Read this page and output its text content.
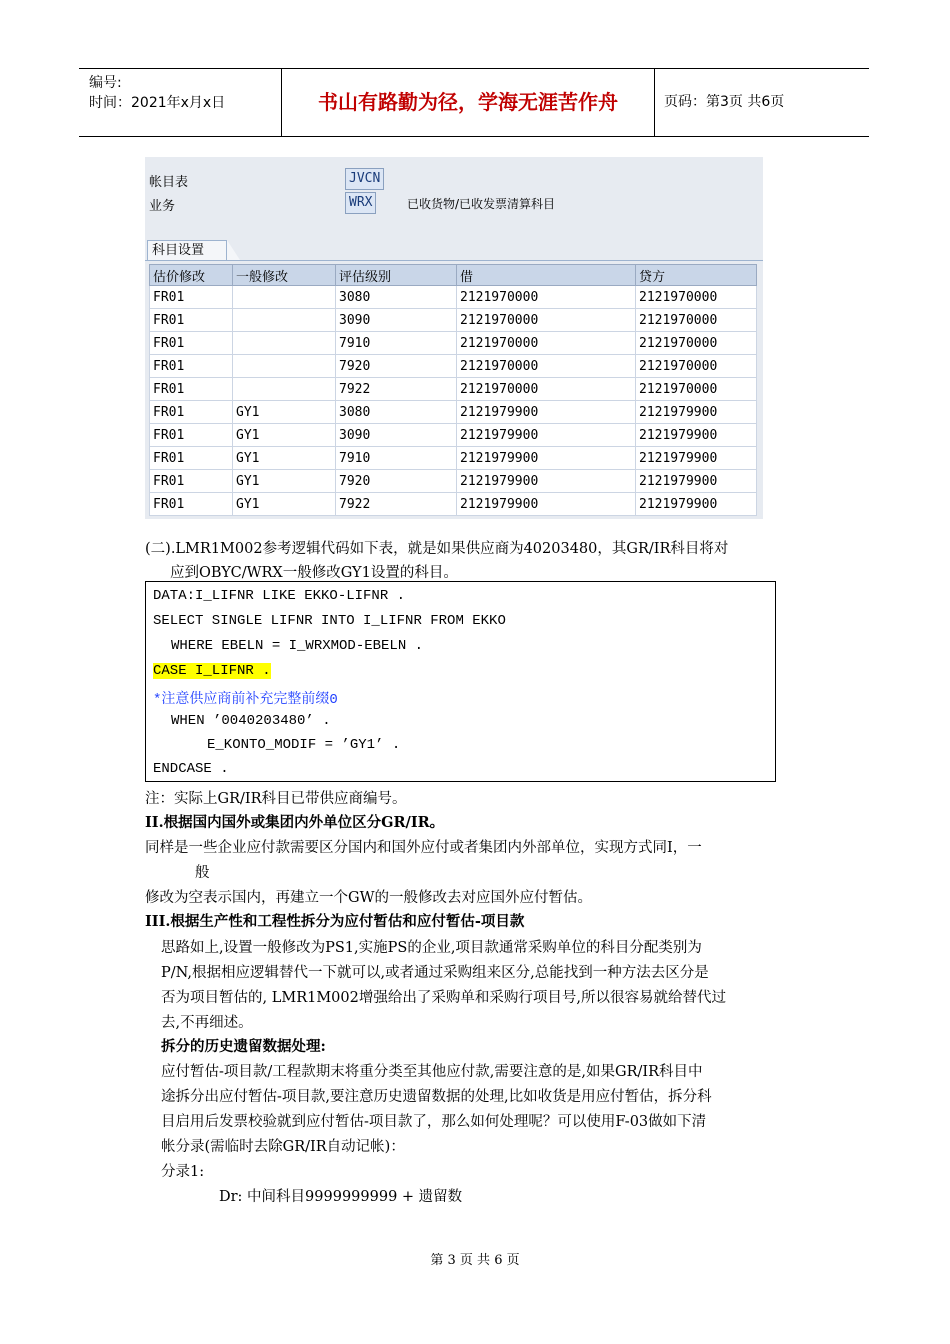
编号:
时间：2021年x月x日	书山有路勤为径，学海无涯苦作舟	页码：第3页 共6页
帐目表	JVCN
业务	WRX	已收货物/已收发票清算科目
科目设置
估价修改	一般修改	评估级别	借	贷方
FR01		3080	2121970000	2121970000
FR01		3090	2121970000	2121970000
FR01		7910	2121970000	2121970000
FR01		7920	2121970000	2121970000
FR01		7922	2121970000	2121970000
FR01	GY1	3080	2121979900	2121979900
FR01	GY1	3090	2121979900	2121979900
FR01	GY1	7910	2121979900	2121979900
FR01	GY1	7920	2121979900	2121979900
FR01	GY1	7922	2121979900	2121979900
(二).LMR1M002参考逻辑代码如下表，就是如果供应商为40203480，其GR/IR科目将对
应到OBYC/WRX一般修改GY1设置的科目。
DATA:I_LIFNR LIKE EKKO-LIFNR .
SELECT SINGLE LIFNR INTO I_LIFNR FROM EKKO
WHERE EBELN = I_WRXMOD-EBELN .
CASE I_LIFNR .
*注意供应商前补充完整前缀0
WHEN ’0040203480’ .
E_KONTO_MODIF = ’GY1’ .
ENDCASE .
注：实际上GR/IR科目已带供应商编号。
II.根据国内国外或集团内外单位区分GR/IR。
同样是一些企业应付款需要区分国内和国外应付或者集团内外部单位，实现方式同I，一
般
修改为空表示国内，再建立一个GW的一般修改去对应国外应付暂估。
III.根据生产性和工程性拆分为应付暂估和应付暂估-项目款
思路如上,设置一般修改为PS1,实施PS的企业,项目款通常采购单位的科目分配类别为
P/N,根据相应逻辑替代一下就可以,或者通过采购组来区分,总能找到一种方法去区分是
否为项目暂估的, LMR1M002增强给出了采购单和采购行项目号,所以很容易就给替代过
去,不再细述。
拆分的历史遗留数据处理:
应付暂估-项目款/工程款期末将重分类至其他应付款,需要注意的是,如果GR/IR科目中
途拆分出应付暂估-项目款,要注意历史遗留数据的处理,比如收货是用应付暂估，拆分科
目启用后发票校验就到应付暂估-项目款了，那么如何处理呢？可以使用F-03做如下清
帐分录(需临时去除GR/IR自动记帐)：
分录1:
Dr: 中间科目9999999999 + 遗留数
第 3 页 共 6 页
